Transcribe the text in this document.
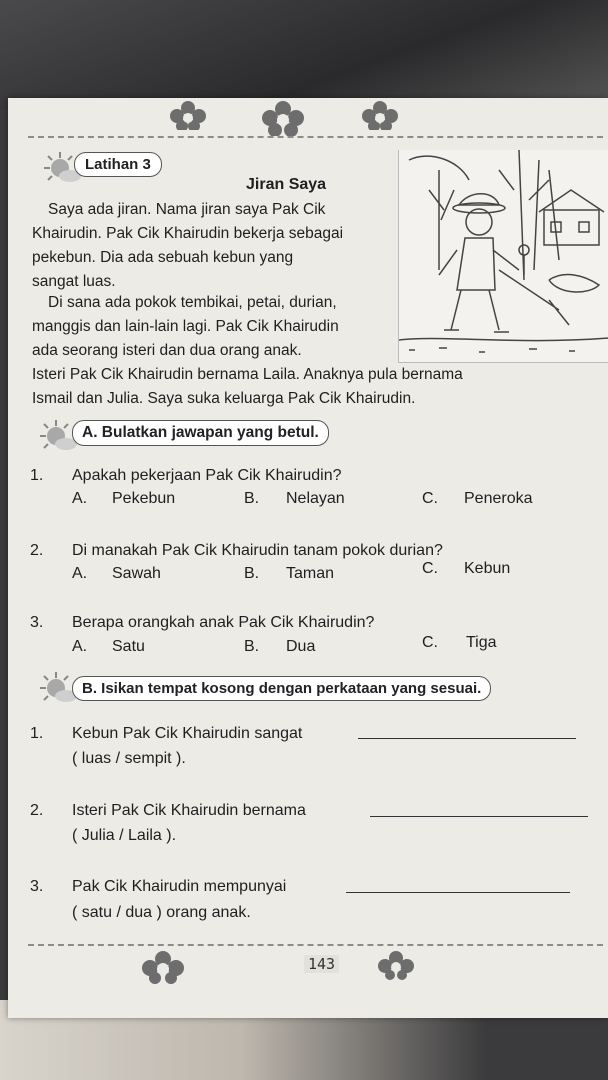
Latihan 3
Jiran Saya
Saya ada jiran. Nama jiran saya Pak Cik
Khairudin. Pak Cik Khairudin bekerja sebagai
pekebun. Dia ada sebuah kebun yang
sangat luas.
Di sana ada pokok tembikai, petai, durian,
manggis dan lain-lain lagi. Pak Cik Khairudin
ada seorang isteri dan dua orang anak.
Isteri Pak Cik Khairudin bernama Laila. Anaknya pula bernama
Ismail dan Julia. Saya suka keluarga Pak Cik Khairudin.
A. Bulatkan jawapan yang betul.
1. Apakah pekerjaan Pak Cik Khairudin?
A. Pekebun	B. Nelayan	C. Peneroka
2. Di manakah Pak Cik Khairudin tanam pokok durian?
A. Sawah	B. Taman	C. Kebun
3. Berapa orangkah anak Pak Cik Khairudin?
A. Satu	B. Dua	C. Tiga
B. Isikan tempat kosong dengan perkataan yang sesuai.
1. Kebun Pak Cik Khairudin sangat
( luas / sempit ).
2. Isteri Pak Cik Khairudin bernama
( Julia / Laila ).
3. Pak Cik Khairudin mempunyai
( satu / dua ) orang anak.
143
